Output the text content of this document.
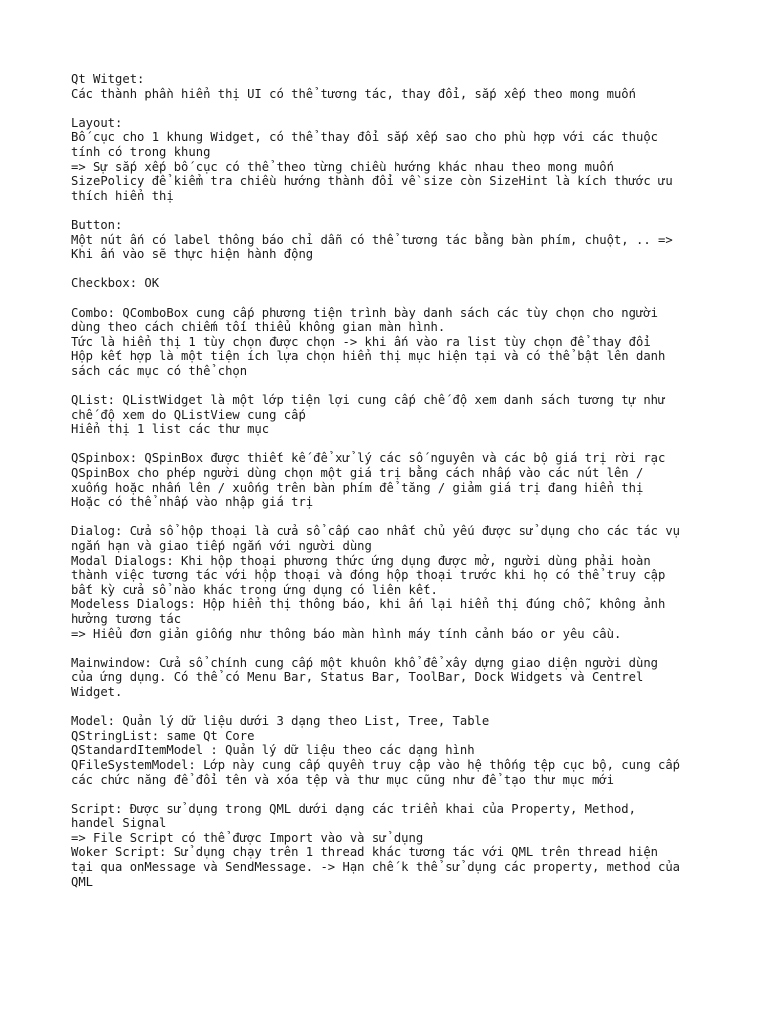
Qt Witget:
Các thành phần hiển thị UI có thể tương tác, thay đổi, sắp xếp theo mong muốn
Layout:
Bố cục cho 1 khung Widget, có thể thay đổi sắp xếp sao cho phù hợp với các thuộc
tính có trong khung
=> Sự sắp xếp bố cục có thể theo từng chiều hướng khác nhau theo mong muốn
SizePolicy để kiểm tra chiều hướng thành đổi về size còn SizeHint là kích thước ưu
thích hiển thị
Button:
Một nút ấn có label thông báo chỉ dẫn có thể tương tác bằng bàn phím, chuột, .. =>
Khi ấn vào sẽ thực hiện hành động
Checkbox: OK
Combo: QComboBox cung cấp phương tiện trình bày danh sách các tùy chọn cho người
dùng theo cách chiếm tối thiểu không gian màn hình.
Tức là hiển thị 1 tùy chọn được chọn -> khi ấn vào ra list tùy chọn để thay đổi
Hộp kết hợp là một tiện ích lựa chọn hiển thị mục hiện tại và có thể bật lên danh
sách các mục có thể chọn
QList: QListWidget là một lớp tiện lợi cung cấp chế độ xem danh sách tương tự như
chế độ xem do QListView cung cấp
Hiển thị 1 list các thư mục
QSpinbox: QSpinBox được thiết kế để xử lý các số nguyên và các bộ giá trị rời rạc
QSpinBox cho phép người dùng chọn một giá trị bằng cách nhấp vào các nút lên /
xuống hoặc nhấn lên / xuống trên bàn phím để tăng / giảm giá trị đang hiển thị
Hoặc có thể nhấp vào nhập giá trị
Dialog: Cửa sổ hộp thoại là cửa sổ cấp cao nhất chủ yếu được sử dụng cho các tác vụ
ngắn hạn và giao tiếp ngắn với người dùng
Modal Dialogs: Khi hộp thoại phương thức ứng dụng được mở, người dùng phải hoàn
thành việc tương tác với hộp thoại và đóng hộp thoại trước khi họ có thể truy cập
bất kỳ cửa sổ nào khác trong ứng dụng có liên kết.
Modeless Dialogs: Hộp hiển thị thông báo, khi ấn lại hiển thị đúng chỗ, không ảnh
hưởng tương tác
=> Hiểu đơn giản giống như thông báo màn hình máy tính cảnh báo or yêu cầu.
Mainwindow: Cửa sổ chính cung cấp một khuôn khổ để xây dựng giao diện người dùng
của ứng dụng. Có thể có Menu Bar, Status Bar, ToolBar, Dock Widgets và Centrel
Widget.
Model: Quản lý dữ liệu dưới 3 dạng theo List, Tree, Table
QStringList: same Qt Core
QStandardItemModel : Quản lý dữ liệu theo các dạng hình
QFileSystemModel: Lớp này cung cấp quyền truy cập vào hệ thống tệp cục bộ, cung cấp
các chức năng để đổi tên và xóa tệp và thư mục cũng như để tạo thư mục mới
Script: Được sử dụng trong QML dưới dạng các triển khai của Property, Method,
handel Signal
=> File Script có thể được Import vào và sử dụng
Woker Script: Sử dụng chạy trên 1 thread khác tương tác với QML trên thread hiện
tại qua onMessage và SendMessage. -> Hạn chế k thể sử dụng các property, method của
QML
